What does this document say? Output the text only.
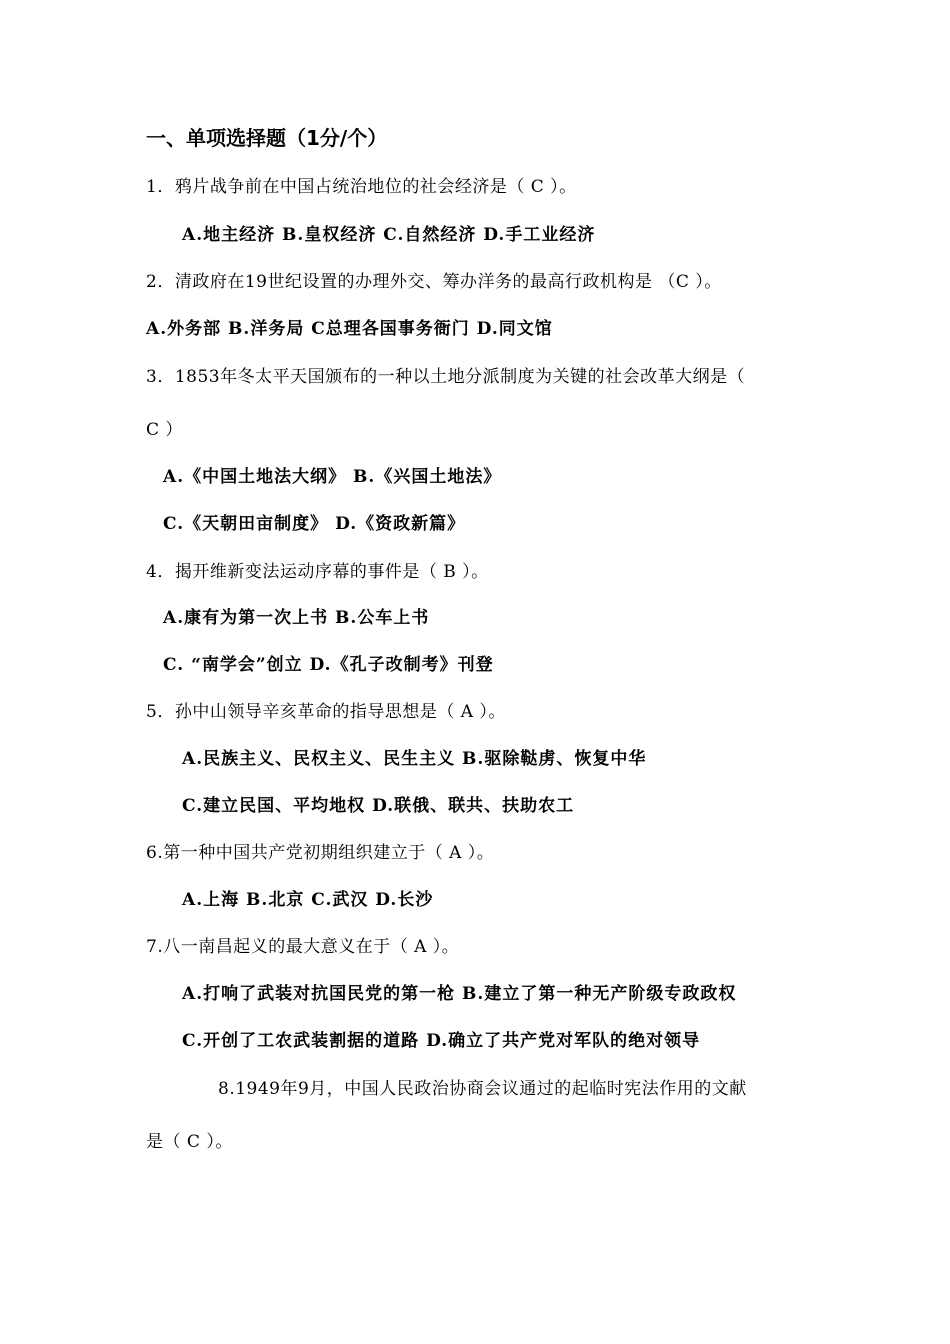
一、单项选择题（1分/个）
1．鸦片战争前在中国占统治地位的社会经济是（ C ）。
A.地主经济 B.皇权经济 C.自然经济 D.手工业经济
2．清政府在19世纪设置的办理外交、筹办洋务的最高行政机构是 （C ）。
A.外务部 B.洋务局 C总理各国事务衙门 D.同文馆
3．1853年冬太平天国颁布的一种以土地分派制度为关键的社会改革大纲是（
C ）
A.《中国土地法大纲》 B.《兴国土地法》
C.《天朝田亩制度》 D.《资政新篇》
4．揭开维新变法运动序幕的事件是（ B ）。
A.康有为第一次上书 B.公车上书
C. “南学会”创立 D.《孔子改制考》刊登
5．孙中山领导辛亥革命的指导思想是（ A ）。
A.民族主义、民权主义、民生主义 B.驱除鞑虏、恢复中华
C.建立民国、平均地权 D.联俄、联共、扶助农工
6.第一种中国共产党初期组织建立于（ A ）。
A.上海 B.北京 C.武汉 D.长沙
7.八一南昌起义的最大意义在于（ A ）。
A.打响了武装对抗国民党的第一枪 B.建立了第一种无产阶级专政政权
C.开创了工农武装割据的道路 D.确立了共产党对军队的绝对领导
8.1949年9月，中国人民政治协商会议通过的起临时宪法作用的文献
是（ C ）。
